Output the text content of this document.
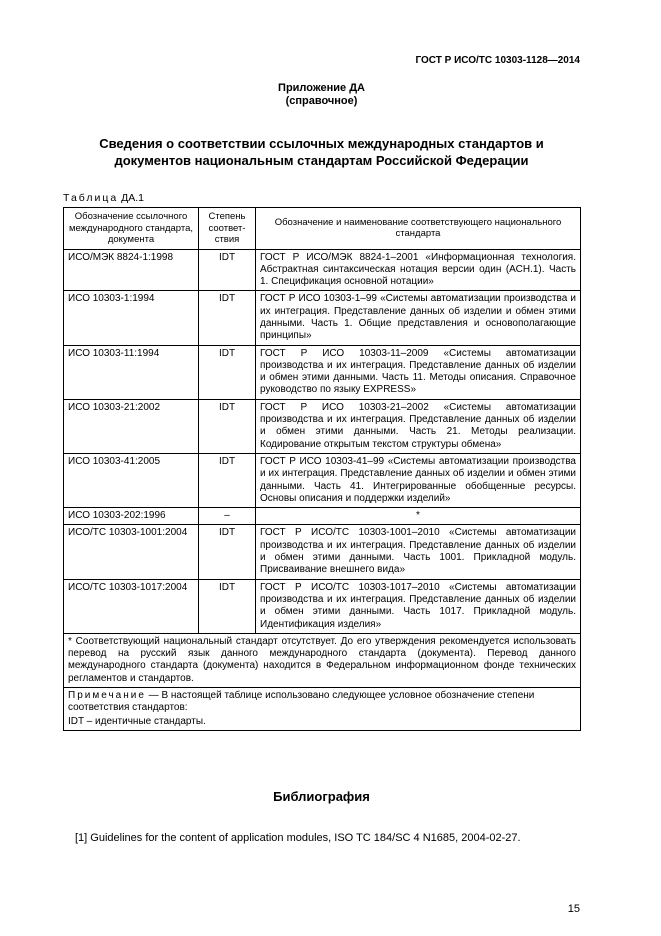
ГОСТ Р ИСО/ТС 10303-1128—2014
Приложение ДА
(справочное)
Сведения о соответствии ссылочных международных стандартов и документов национальным стандартам Российской Федерации
Таблица ДА.1
Обозначение ссылочного международного стандарта, документа	Степень соответ-ствия	Обозначение и наименование соответствующего национального стандарта
ИСО/МЭК 8824-1:1998	IDT	ГОСТ Р ИСО/МЭК 8824-1–2001 «Информационная технология. Абстрактная синтаксическая нотация версии один (АСН.1). Часть 1. Спецификация основной нотации»
ИСО 10303-1:1994	IDT	ГОСТ Р ИСО 10303-1–99 «Системы автоматизации производства и их интеграция. Представление данных об изделии и обмен этими данными. Часть 1. Общие представления и основополагающие принципы»
ИСО 10303-11:1994	IDT	ГОСТ Р ИСО 10303-11–2009 «Системы автоматизации производства и их интеграция. Представление данных об изделии и обмен этими данными. Часть 11. Методы описания. Справочное руководство по языку EXPRESS»
ИСО 10303-21:2002	IDT	ГОСТ Р ИСО 10303-21–2002 «Системы автоматизации производства и их интеграция. Представление данных об изделии и обмен этими данными. Часть 21. Методы реализации. Кодирование открытым текстом структуры обмена»
ИСО 10303-41:2005	IDT	ГОСТ Р ИСО 10303-41–99 «Системы автоматизации производства и их интеграция. Представление данных об изделии и обмен этими данными. Часть 41. Интегрированные обобщенные ресурсы. Основы описания и поддержки изделий»
ИСО 10303-202:1996	–	*
ИСО/ТС 10303-1001:2004	IDT	ГОСТ Р ИСО/ТС 10303-1001–2010 «Системы автоматизации производства и их интеграция. Представление данных об изделии и обмен этими данными. Часть 1001. Прикладной модуль. Присваивание внешнего вида»
ИСО/ТС 10303-1017:2004	IDT	ГОСТ Р ИСО/ТС 10303-1017–2010 «Системы автоматизации производства и их интеграция. Представление данных об изделии и обмен этими данными. Часть 1017. Прикладной модуль. Идентификация изделия»
* Соответствующий национальный стандарт отсутствует. До его утверждения рекомендуется использовать перевод на русский язык данного международного стандарта (документа). Перевод данного международного стандарта (документа) находится в Федеральном информационном фонде технических регламентов и стандартов.		

Примечание — В настоящей таблице использовано следующее условное обозначение степени соответствия стандартов:
IDT – идентичные стандарты.		
Библиография
[1] Guidelines for the content of application modules, ISO TC 184/SC 4 N1685, 2004-02-27.
15
